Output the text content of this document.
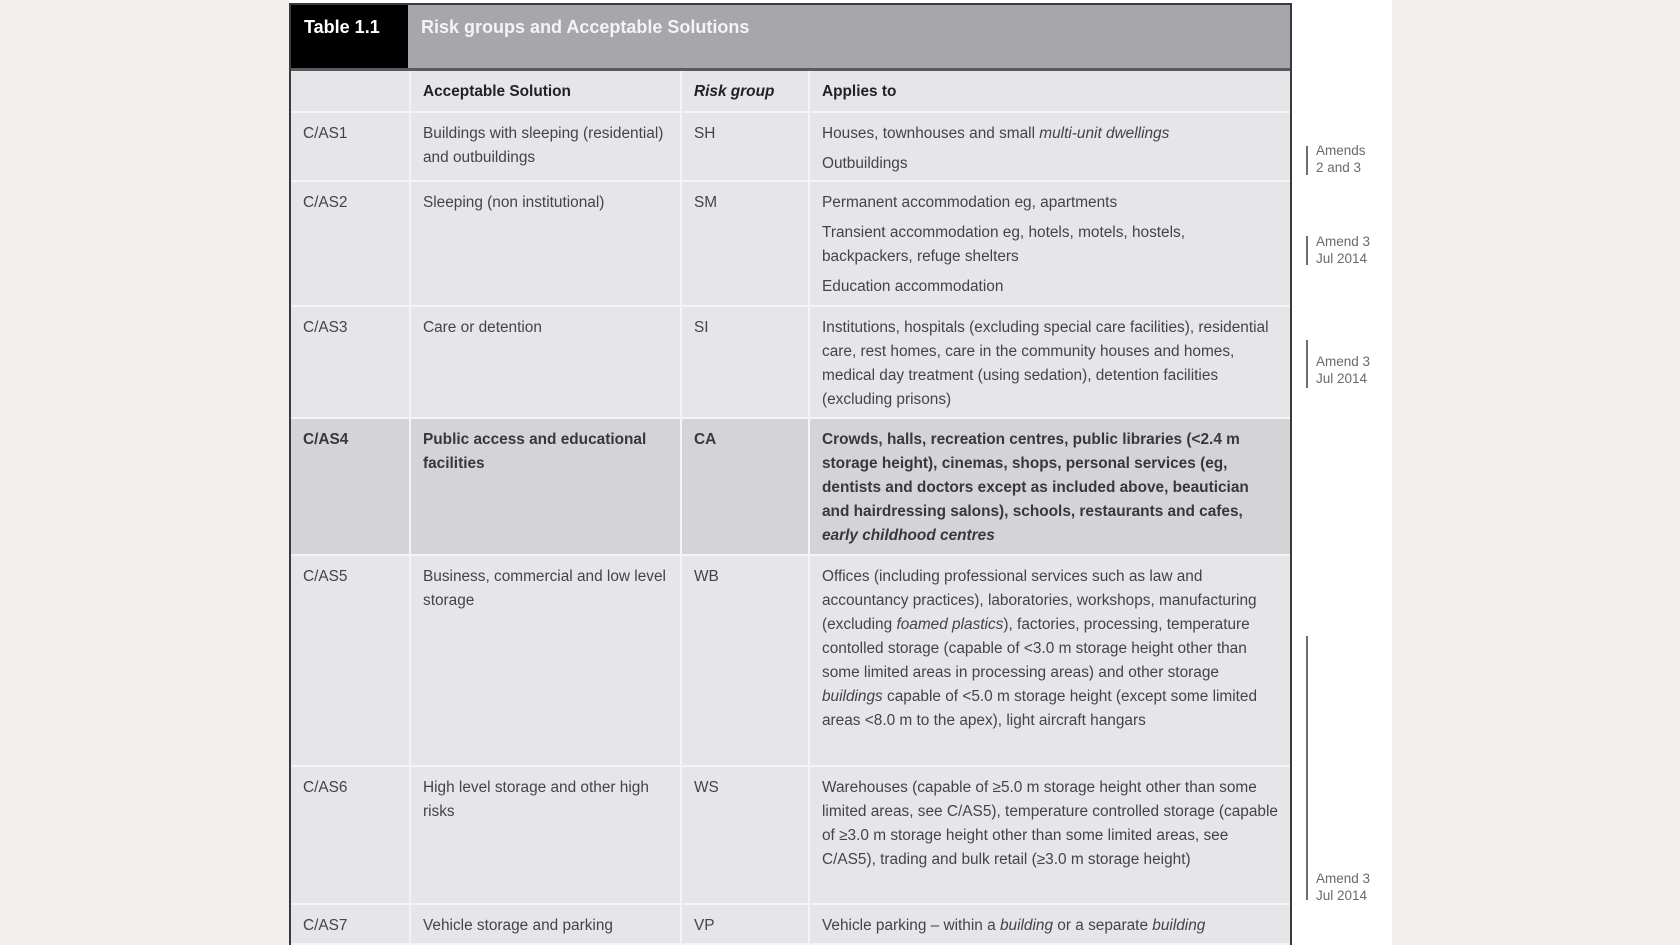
Table 1.1	Risk groups and Acceptable Solutions
	Acceptable Solution	Risk group	Applies to
C/AS1	Buildings with sleeping (residential) and outbuildings	SH	Houses, townhouses and small multi-unit dwellings
Outbuildings

C/AS2	Sleeping (non institutional)	SM	Permanent accommodation eg, apartments
Transient accommodation eg, hotels, motels, hostels, backpackers, refuge shelters
Education accommodation

C/AS3	Care or detention	SI	Institutions, hospitals (excluding special care facilities), residential care, rest homes, care in the community houses and homes, medical day treatment (using sedation), detention facilities (excluding prisons)

C/AS4	Public access and educational facilities	CA	Crowds, halls, recreation centres, public libraries (<2.4 m storage height), cinemas, shops, personal services (eg, dentists and doctors except as included above, beautician and hairdressing salons), schools, restaurants and cafes, early childhood centres

C/AS5	Business, commercial and low level storage	WB	Offices (including professional services such as law and accountancy practices), laboratories, workshops, manufacturing (excluding foamed plastics), factories, processing, temperature contolled storage (capable of <3.0 m storage height other than some limited areas in processing areas) and other storage buildings capable of <5.0 m storage height (except some limited areas <8.0 m to the apex), light aircraft hangars

C/AS6	High level storage and other high risks	WS	Warehouses (capable of ≥5.0 m storage height other than some limited areas, see C/AS5), temperature controlled storage (capable of ≥3.0 m storage height other than some limited areas, see C/AS5), trading and bulk retail (≥3.0 m storage height)

C/AS7	Vehicle storage and parking	VP	Vehicle parking – within a building or a separate building
Amends
2 and 3
Amend 3
Jul 2014
Amend 3
Jul 2014
Amend 3
Jul 2014
